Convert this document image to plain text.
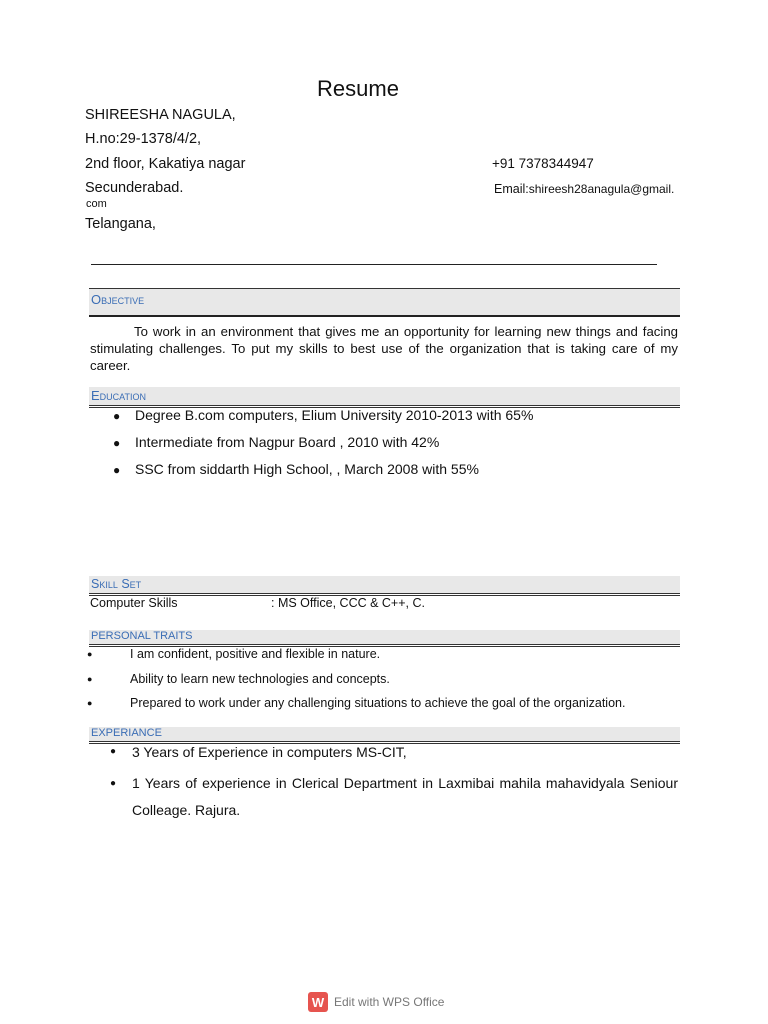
Resume
SHIREESHA NAGULA,
H.no:29-1378/4/2,
2nd floor, Kakatiya nagar	+91 7378344947
Secunderabad.	Email:shireesh28anagula@gmail.
com
Telangana,
Objective
To work in an environment that gives me an opportunity for learning new things and facing stimulating challenges. To put my skills to best use of the organization that is taking care of my career.
Education
● Degree B.com computers, Elium University 2010-2013 with 65%
● Intermediate from Nagpur Board , 2010 with 42%
● SSC from siddarth High School, , March 2008 with 55%
Skill Set
Computer Skills	: MS Office, CCC & C++, C.
PERSONAL TRAITS
●	I am confident, positive and flexible in nature.
●	Ability to learn new technologies and concepts.
●	Prepared to work under any challenging situations to achieve the goal of the organization.
EXPERIANCE
● 3 Years of Experience in computers MS-CIT,
● 1 Years of experience in Clerical Department in Laxmibai mahila mahavidyala Seniour Colleage. Rajura.
W Edit with WPS Office
